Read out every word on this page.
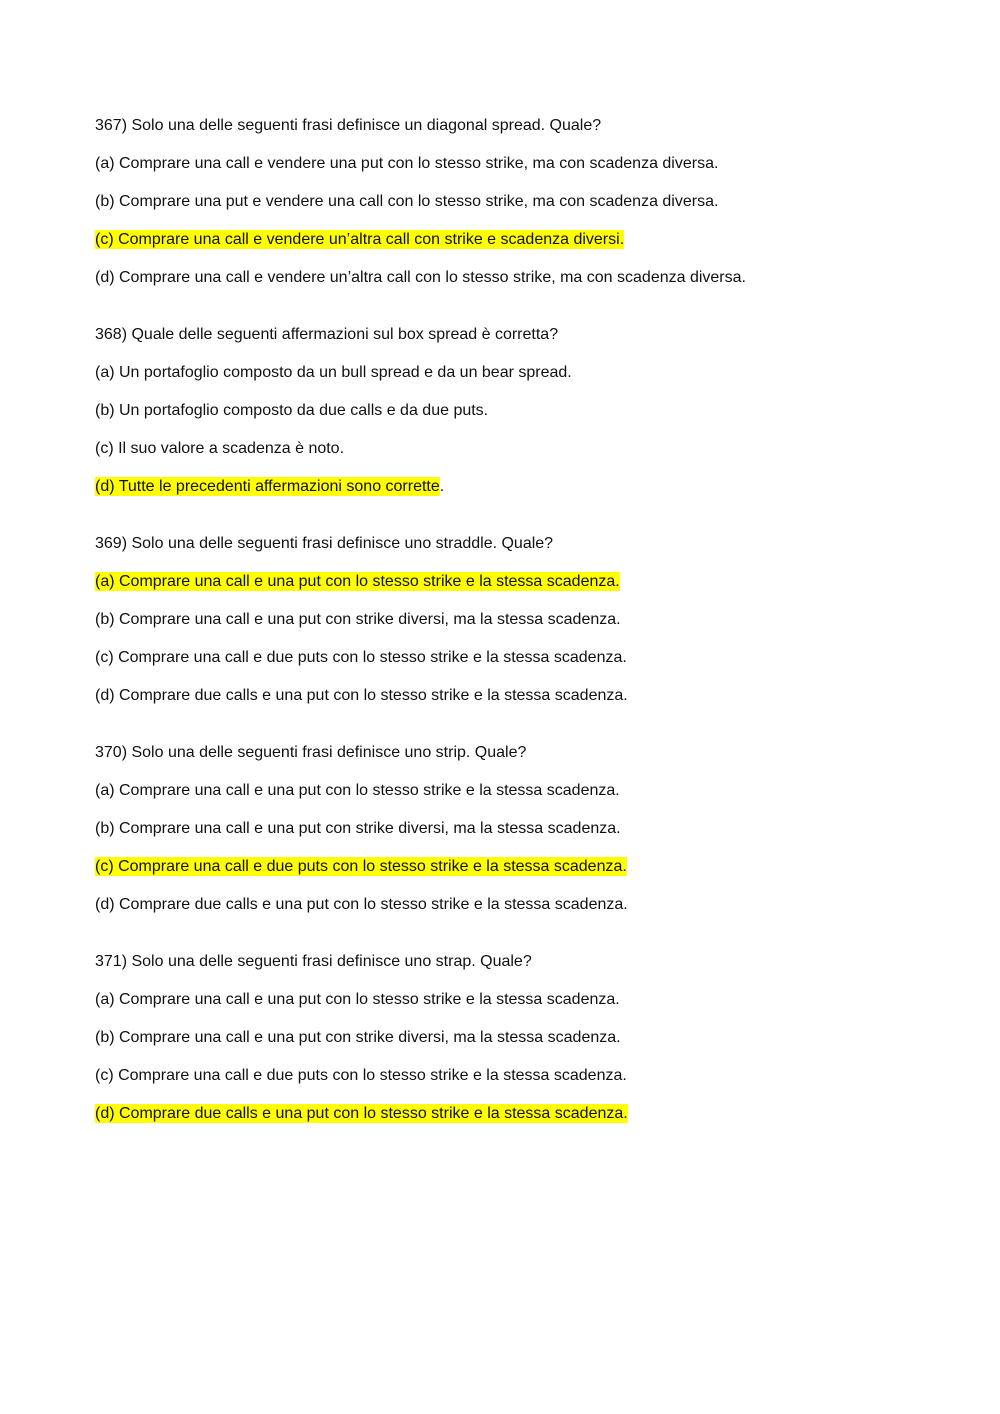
367) Solo una delle seguenti frasi definisce un diagonal spread. Quale?

(a) Comprare una call e vendere una put con lo stesso strike, ma con scadenza diversa.

(b) Comprare una put e vendere una call con lo stesso strike, ma con scadenza diversa.

(c) Comprare una call e vendere un’altra call con strike e scadenza diversi.

(d) Comprare una call e vendere un’altra call con lo stesso strike, ma con scadenza diversa.

368) Quale delle seguenti affermazioni sul box spread è corretta?

(a) Un portafoglio composto da un bull spread e da un bear spread.

(b) Un portafoglio composto da due calls e da due puts.

(c) Il suo valore a scadenza è noto.

(d) Tutte le precedenti affermazioni sono corrette.

369) Solo una delle seguenti frasi definisce uno straddle. Quale?

(a) Comprare una call e una put con lo stesso strike e la stessa scadenza.

(b) Comprare una call e una put con strike diversi, ma la stessa scadenza.

(c) Comprare una call e due puts con lo stesso strike e la stessa scadenza.

(d) Comprare due calls e una put con lo stesso strike e la stessa scadenza.

370) Solo una delle seguenti frasi definisce uno strip. Quale?

(a) Comprare una call e una put con lo stesso strike e la stessa scadenza.

(b) Comprare una call e una put con strike diversi, ma la stessa scadenza.

(c) Comprare una call e due puts con lo stesso strike e la stessa scadenza.

(d) Comprare due calls e una put con lo stesso strike e la stessa scadenza.

371) Solo una delle seguenti frasi definisce uno strap. Quale?

(a) Comprare una call e una put con lo stesso strike e la stessa scadenza.

(b) Comprare una call e una put con strike diversi, ma la stessa scadenza.

(c) Comprare una call e due puts con lo stesso strike e la stessa scadenza.

(d) Comprare due calls e una put con lo stesso strike e la stessa scadenza.
